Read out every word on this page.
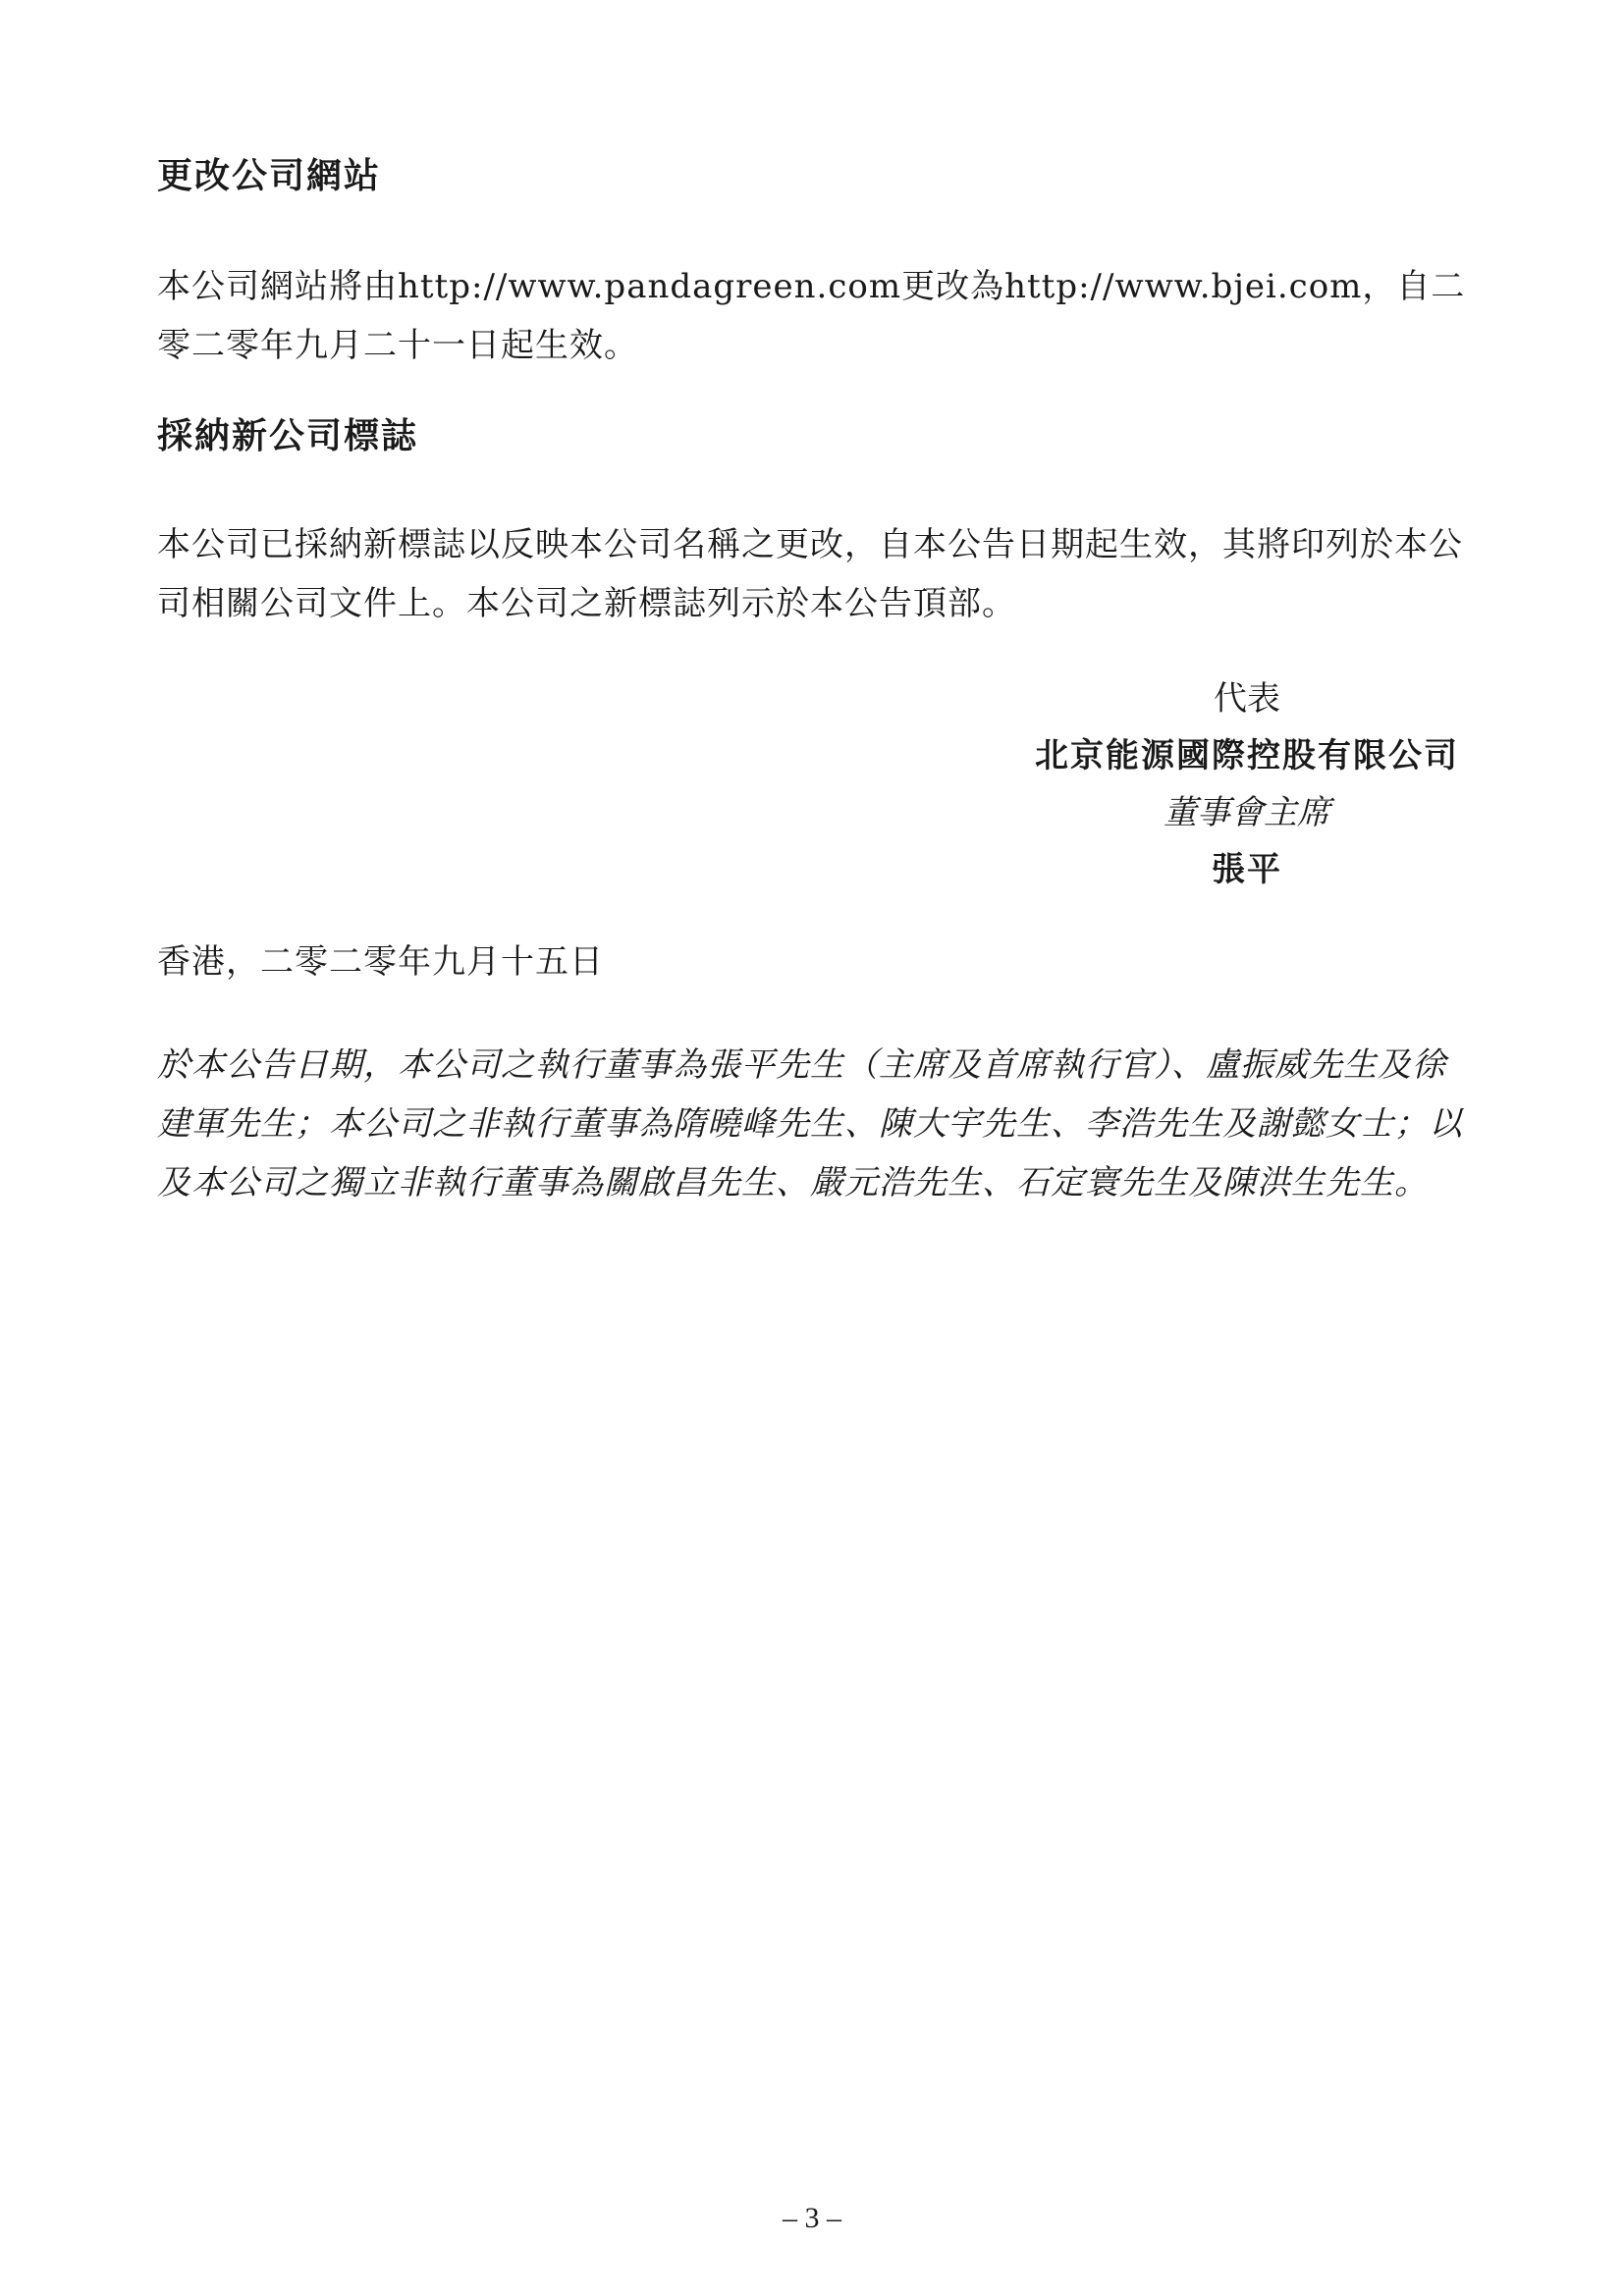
更改公司網站
本公司網站將由http://www.pandagreen.com更改為http://www.bjei.com，自二零二零年九月二十一日起生效。
採納新公司標誌
本公司已採納新標誌以反映本公司名稱之更改，自本公告日期起生效，其將印列於本公司相關公司文件上。本公司之新標誌列示於本公告頂部。
代表
北京能源國際控股有限公司
董事會主席
張平
香港，二零二零年九月十五日
於本公告日期，本公司之執行董事為張平先生（主席及首席執行官）、盧振威先生及徐建軍先生；本公司之非執行董事為隋曉峰先生、陳大宇先生、李浩先生及謝懿女士；以及本公司之獨立非執行董事為關啟昌先生、嚴元浩先生、石定寰先生及陳洪生先生。
– 3 –
